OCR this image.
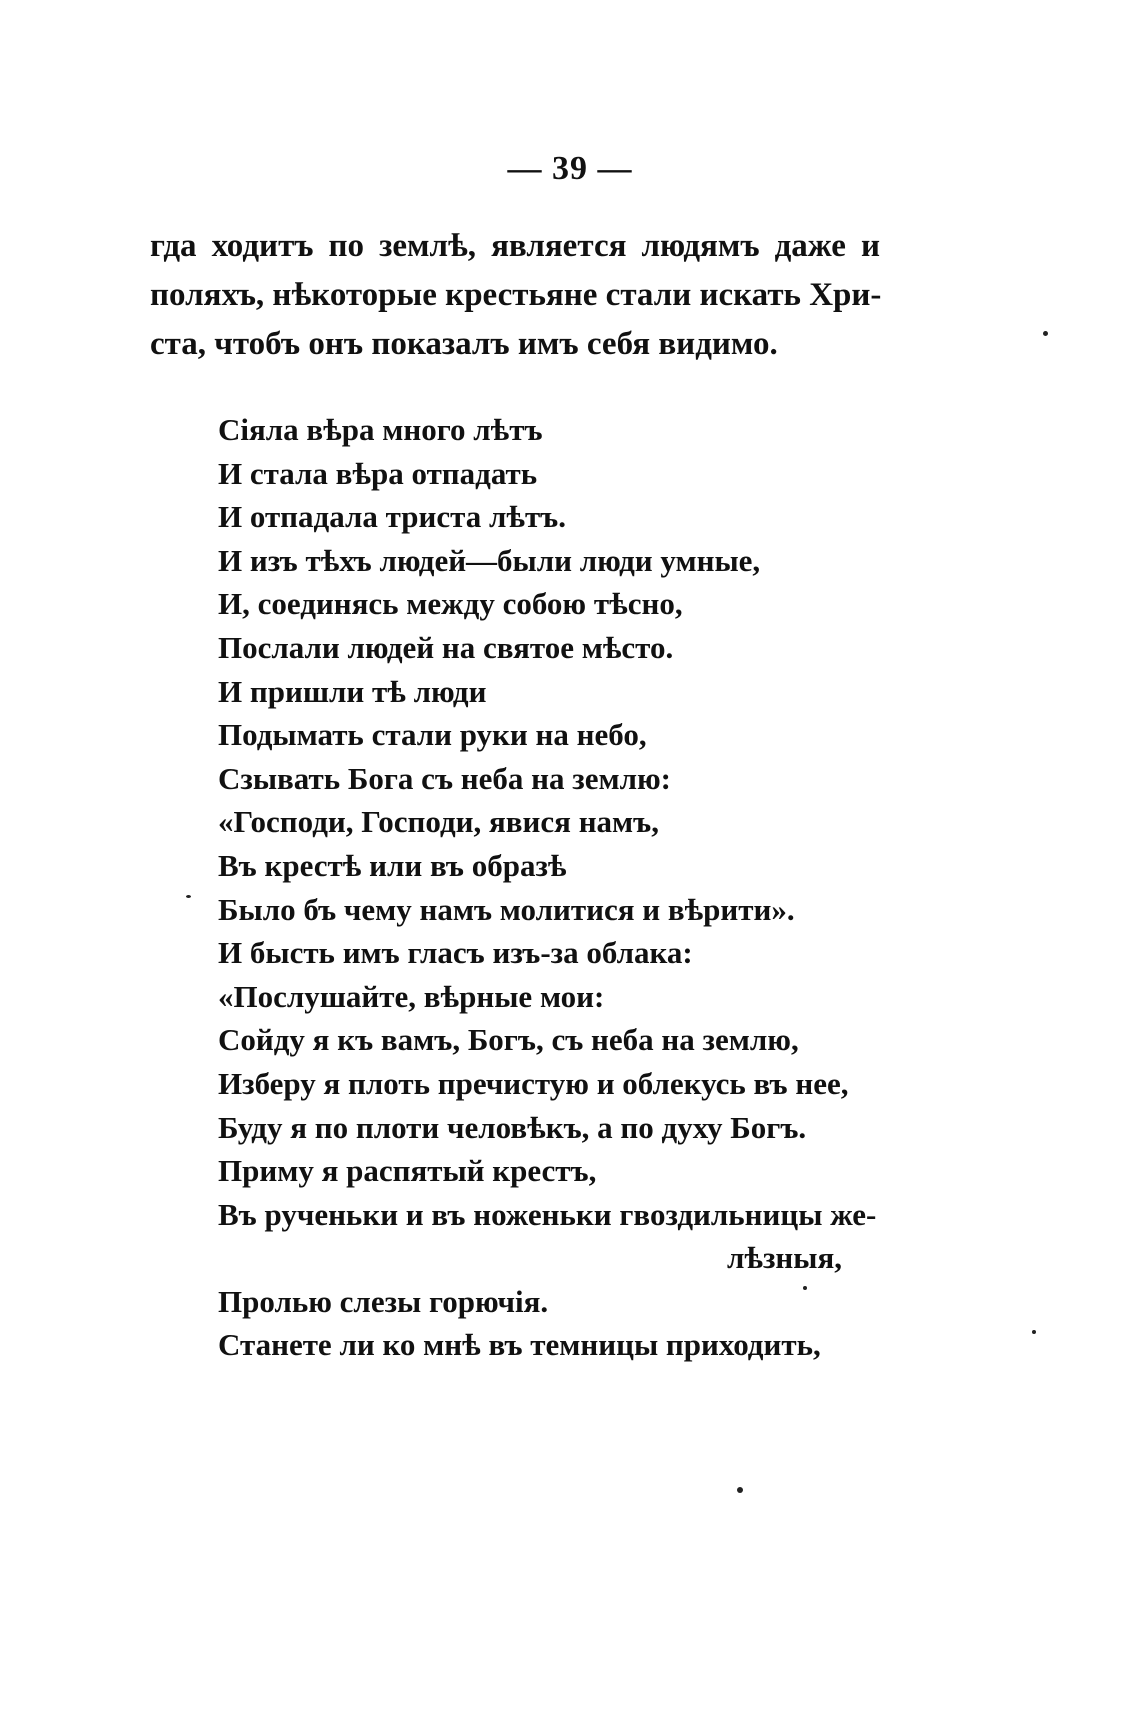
— 39 —
гда ходитъ по землѣ, является людямъ даже и
поляхъ, нѣкоторые крестьяне стали искать Хри-
ста, чтобъ онъ показалъ имъ себя видимо.
Сіяла вѣра много лѣтъ
И стала вѣра отпадать
И отпадала триста лѣтъ.
И изъ тѣхъ людей—были люди умные,
И, соединясь между собою тѣсно,
Послали людей на святое мѣсто.
И пришли тѣ люди
Подымать стали руки на небо,
Сзывать Бога съ неба на землю:
«Господи, Господи, явися намъ,
Въ крестѣ или въ образѣ
Было бъ чему намъ молитися и вѣрити».
И бысть имъ гласъ изъ-за облака:
«Послушайте, вѣрные мои:
Сойду я къ вамъ, Богъ, съ неба на землю,
Изберу я плоть пречистую и облекусь въ нее,
Буду я по плоти человѣкъ, а по духу Богъ.
Приму я распятый крестъ,
Въ рученьки и въ ноженьки гвоздильницы же-
лѣзныя,
Пролью слезы горючія.
Станете ли ко мнѣ въ темницы приходить,
